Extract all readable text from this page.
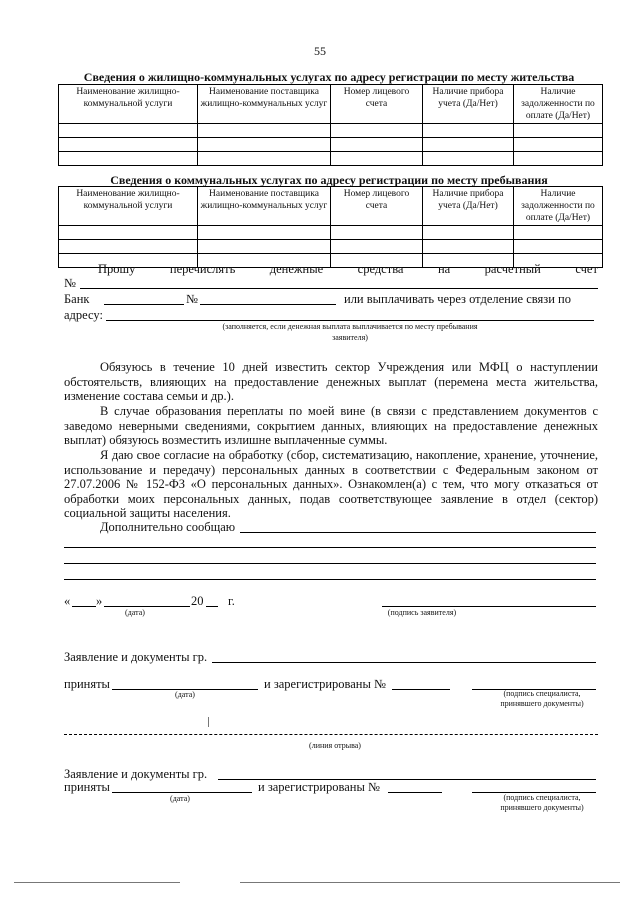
55
Сведения о жилищно-коммунальных услугах по адресу регистрации по месту жительства
Наименование жилищно-коммунальной услуги	Наименование поставщика жилищно-коммунальных услуг	Номер лицевого счета	Наличие прибора учета (Да/Нет)	Наличие задолженности по оплате (Да/Нет)

Сведения о коммунальных услугах по адресу регистрации по месту пребывания
Наименование жилищно-коммунальной услуги	Наименование поставщика жилищно-коммунальных услуг	Номер лицевого счета	Наличие прибора учета (Да/Нет)	Наличие задолженности по оплате (Да/Нет)

Прошу	перечислять	денежные	средства	на	расчетный	счет
№
Банк	№	или выплачивать через отделение связи по
адресу:
(заполняется, если денежная выплата выплачивается по месту пребывания
заявителя)
Обязуюсь в течение 10 дней известить сектор Учреждения или МФЦ о наступлении обстоятельств, влияющих на предоставление денежных выплат (перемена места жительства, изменение состава семьи и др.).
В случае образования переплаты по моей вине (в связи с представлением документов с заведомо неверными сведениями, сокрытием данных, влияющих на предоставление денежных выплат) обязуюсь возместить излишне выплаченные суммы.
Я даю свое согласие на обработку (сбор, систематизацию, накопление, хранение, уточнение, использование и передачу) персональных данных в соответствии с Федеральным законом от 27.07.2006 № 152-ФЗ «О персональных данных». Ознакомлен(а) с тем, что могу отказаться от обработки моих персональных данных, подав соответствующее заявление в отдел (сектор) социальной защиты населения.
Дополнительно сообщаю
« »	20 г.
(дата)	(подпись заявителя)
Заявление и документы гр.
приняты
(дата)
и зарегистрированы №
(подпись специалиста,
принявшего документы)
(линия отрыва)
Заявление и документы гр.
приняты
(дата)
и зарегистрированы №
(подпись специалиста,
принявшего документы)
